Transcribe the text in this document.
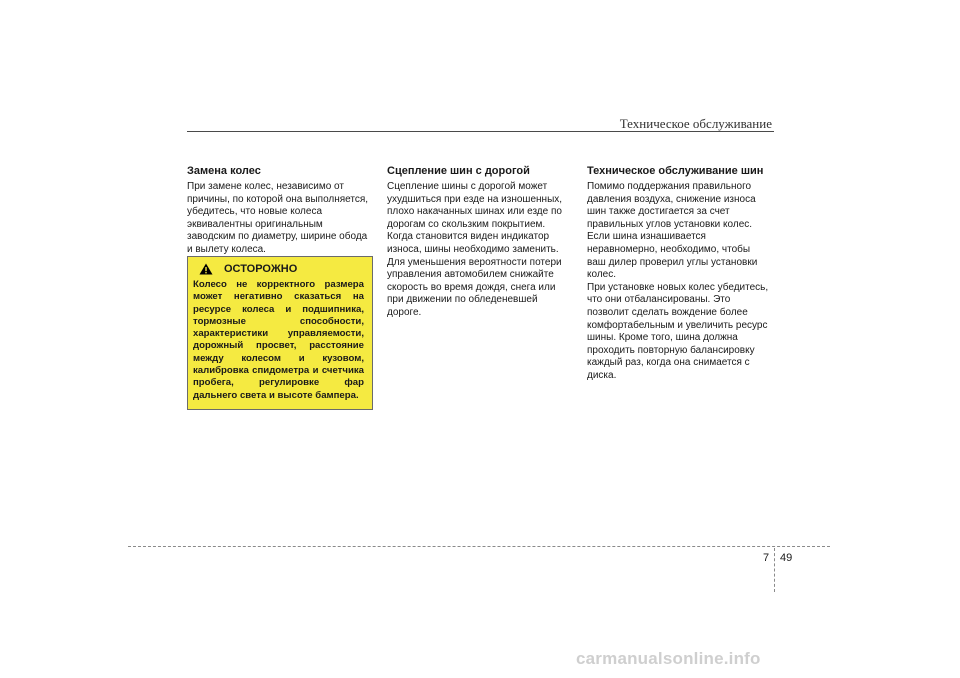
Техническое обслуживание
Замена колес

При замене колес, независимо от
причины, по которой она выполняется,
убедитесь, что новые колеса
эквивалентны оригинальным
заводским по диаметру, ширине обода
и вылету колеса.

ОСТОРОЖНО

Колесо не корректного размера может негативно сказаться на ресурсе колеса и подшипника, тормозные способности, характеристики управляемости, дорожный просвет, расстояние между колесом и кузовом, калибровка спидометра и счетчика пробега, регулировке фар дальнего света и высоте бампера.

Сцепление шин с дорогой

Сцепление шины с дорогой может
ухудшиться при езде на изношенных,
плохо накачанных шинах или езде по
дорогам со скользким покрытием.
Когда становится виден индикатор
износа, шины необходимо заменить.
Для уменьшения вероятности потери
управления автомобилем снижайте
скорость во время дождя, снега или
при движении по обледеневшей
дороге.

Техническое обслуживание шин

Помимо поддержания правильного
давления воздуха, снижение износа
шин также достигается за счет
правильных углов установки колес.
Если шина изнашивается
неравномерно, необходимо, чтобы
ваш дилер проверил углы установки
колес.
При установке новых колес убедитесь,
что они отбалансированы. Это
позволит сделать вождение более
комфортабельным и увеличить ресурс
шины. Кроме того, шина должна
проходить повторную балансировку
каждый раз, когда она снимается с
диска.

7 49
carmanualsonline.info
